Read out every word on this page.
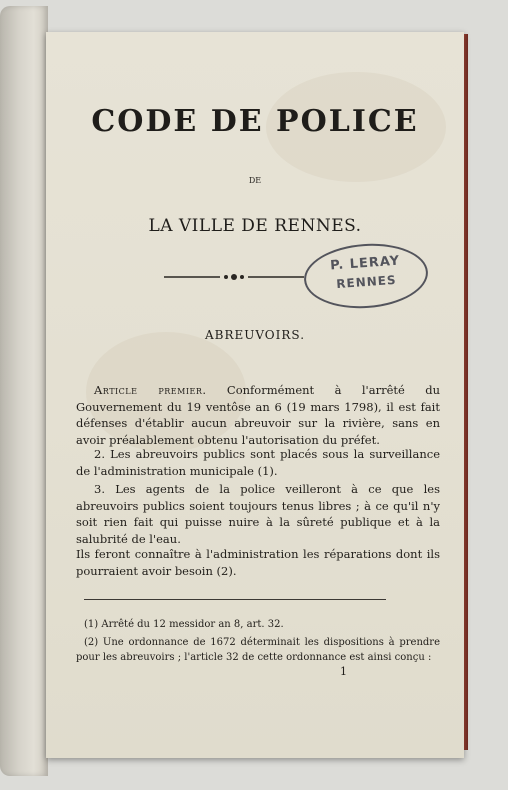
CODE DE POLICE
DE
LA VILLE DE RENNES.
P. LERAY
RENNES
ABREUVOIRS.
Article premier. Conformément à l'arrêté du Gouvernement du 19 ventôse an 6 (19 mars 1798), il est fait défenses d'établir aucun abreuvoir sur la rivière, sans en avoir préalablement obtenu l'autorisation du préfet.
2. Les abreuvoirs publics sont placés sous la surveillance de l'administration municipale (1).
3. Les agents de la police veilleront à ce que les abreuvoirs publics soient toujours tenus libres ; à ce qu'il n'y soit rien fait qui puisse nuire à la sûreté publique et à la salubrité de l'eau.
Ils feront connaître à l'administration les réparations dont ils pourraient avoir besoin (2).
(1) Arrêté du 12 messidor an 8, art. 32.
(2) Une ordonnance de 1672 déterminait les dispositions à prendre pour les abreuvoirs ; l'article 32 de cette ordonnance est ainsi conçu :
1
